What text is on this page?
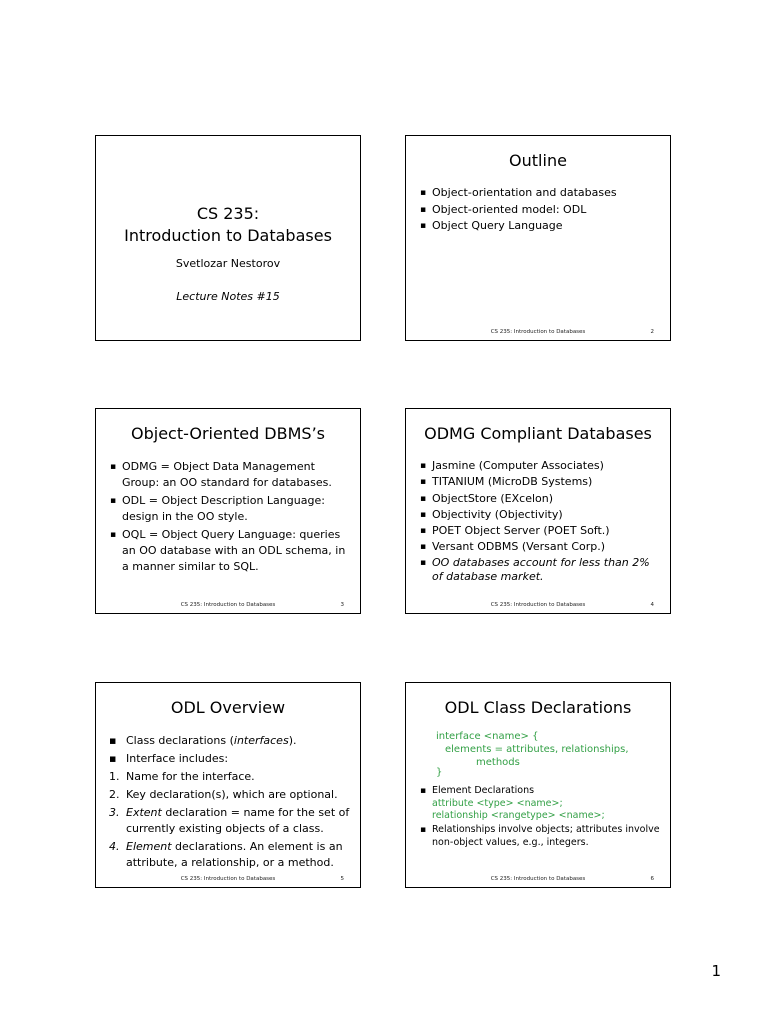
CS 235:
Introduction to Databases
Svetlozar Nestorov
Lecture Notes #15
Outline
▪ Object-orientation and databases
▪ Object-oriented model: ODL
▪ Object Query Language
CS 235: Introduction to Databases	2
Object-Oriented DBMS’s
▪ ODMG = Object Data Management Group: an OO standard for databases.
▪ ODL = Object Description Language: design in the OO style.
▪ OQL = Object Query Language: queries an OO database with an ODL schema, in a manner similar to SQL.
CS 235: Introduction to Databases	3
ODMG Compliant Databases
▪ Jasmine (Computer Associates)
▪ TITANIUM (MicroDB Systems)
▪ ObjectStore (EXcelon)
▪ Objectivity (Objectivity)
▪ POET Object Server (POET Soft.)
▪ Versant ODBMS (Versant Corp.)
▪ OO databases account for less than 2% of database market.
CS 235: Introduction to Databases	4
ODL Overview
▪ Class declarations (interfaces).
▪ Interface includes:
1. Name for the interface.
2. Key declaration(s), which are optional.
3. Extent declaration = name for the set of currently existing objects of a class.
4. Element declarations. An element is an attribute, a relationship, or a method.
CS 235: Introduction to Databases	5
ODL Class Declarations
interface <name> {
elements = attributes, relationships,
methods
}
▪ Element Declarations
attribute <type> <name>;
relationship <rangetype> <name>;
▪ Relationships involve objects; attributes involve non-object values, e.g., integers.
CS 235: Introduction to Databases	6
1
